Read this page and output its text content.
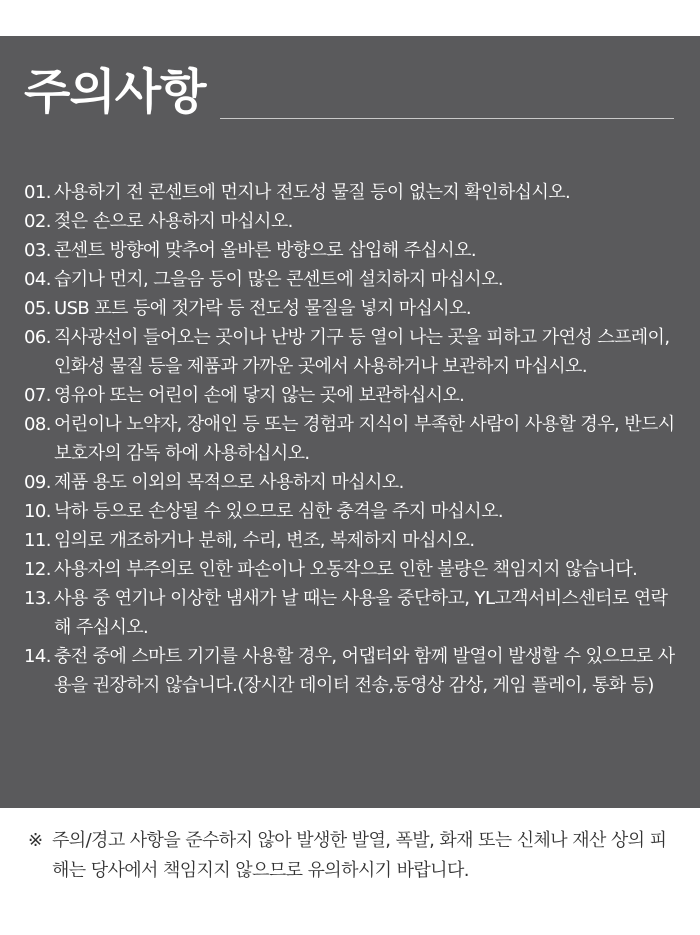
주의사항
01. 사용하기 전 콘센트에 먼지나 전도성 물질 등이 없는지 확인하십시오.
02. 젖은 손으로 사용하지 마십시오.
03. 콘센트 방향에 맞추어 올바른 방향으로 삽입해 주십시오.
04. 습기나 먼지, 그을음 등이 많은 콘센트에 설치하지 마십시오.
05. USB 포트 등에 젓가락 등 전도성 물질을 넣지 마십시오.
06. 직사광선이 들어오는 곳이나 난방 기구 등 열이 나는 곳을 피하고 가연성 스프레이, 인화성 물질 등을 제품과 가까운 곳에서 사용하거나 보관하지 마십시오.
07. 영유아 또는 어린이 손에 닿지 않는 곳에 보관하십시오.
08. 어린이나 노약자, 장애인 등 또는 경험과 지식이 부족한 사람이 사용할 경우, 반드시 보호자의 감독 하에 사용하십시오.
09. 제품 용도 이외의 목적으로 사용하지 마십시오.
10. 낙하 등으로 손상될 수 있으므로 심한 충격을 주지 마십시오.
11. 임의로 개조하거나 분해, 수리, 변조, 복제하지 마십시오.
12. 사용자의 부주의로 인한 파손이나 오동작으로 인한 불량은 책임지지 않습니다.
13. 사용 중 연기나 이상한 냄새가 날 때는 사용을 중단하고, YL고객서비스센터로 연락해 주십시오.
14. 충전 중에 스마트 기기를 사용할 경우, 어댑터와 함께 발열이 발생할 수 있으므로 사용을 권장하지 않습니다.(장시간 데이터 전송,동영상 감상, 게임 플레이, 통화 등)
※ 주의/경고 사항을 준수하지 않아 발생한 발열, 폭발, 화재 또는 신체나 재산 상의 피해는 당사에서 책임지지 않으므로 유의하시기 바랍니다.
